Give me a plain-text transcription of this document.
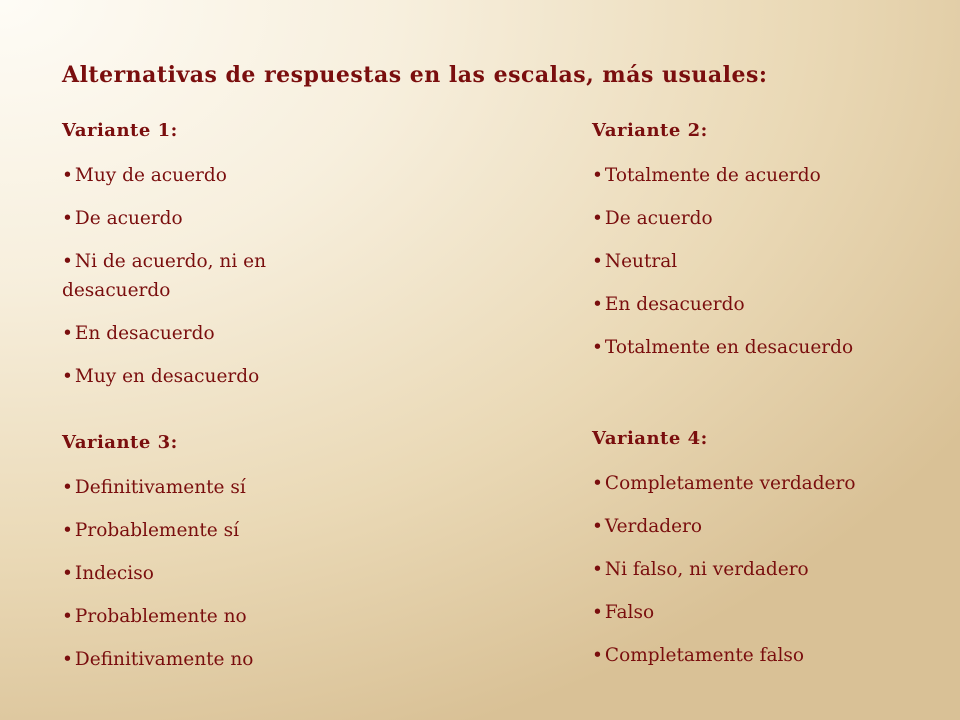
Alternativas de respuestas en las escalas, más usuales:
Variante 1:
• Muy de acuerdo
• De acuerdo
• Ni de acuerdo, ni en desacuerdo
• En desacuerdo
• Muy en desacuerdo
Variante 2:
• Totalmente de acuerdo
• De acuerdo
• Neutral
• En desacuerdo
• Totalmente en desacuerdo
Variante 3:
• Definitivamente sí
• Probablemente sí
• Indeciso
• Probablemente no
• Definitivamente no
Variante 4:
• Completamente verdadero
• Verdadero
• Ni falso, ni verdadero
• Falso
• Completamente falso
